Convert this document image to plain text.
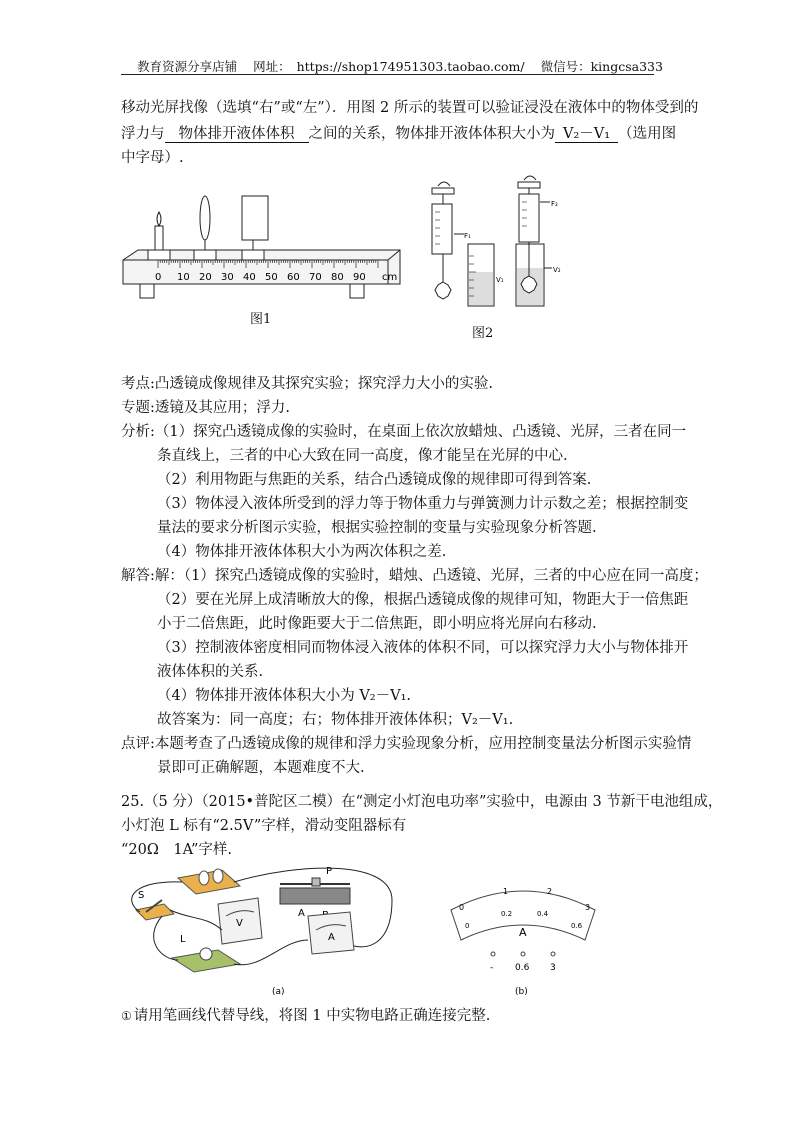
教育资源分享店铺 网址： https://shop174951303.taobao.com/ 微信号：kingcsa333
移动光屏找像（选填“右”或“左”）．用图 2 所示的装置可以验证浸没在液体中的物体受到的
浮力与 物体排开液体体积 之间的关系，物体排开液体体积大小为 V₂－V₁ （选用图
中字母）.
0 10 20 30 40 50 60 70 80 90 cm
图1
F₁
V₁
F₂
V₂
图2
考点:凸透镜成像规律及其探究实验；探究浮力大小的实验.
专题:透镜及其应用；浮力.
分析:（1）探究凸透镜成像的实验时，在桌面上依次放蜡烛、凸透镜、光屏，三者在同一
条直线上，三者的中心大致在同一高度，像才能呈在光屏的中心.
（2）利用物距与焦距的关系，结合凸透镜成像的规律即可得到答案.
（3）物体浸入液体所受到的浮力等于物体重力与弹簧测力计示数之差；根据控制变
量法的要求分析图示实验，根据实验控制的变量与实验现象分析答题.
（4）物体排开液体体积大小为两次体积之差.
解答:解：（1）探究凸透镜成像的实验时，蜡烛、凸透镜、光屏，三者的中心应在同一高度；
（2）要在光屏上成清晰放大的像，根据凸透镜成像的规律可知，物距大于一倍焦距
小于二倍焦距，此时像距要大于二倍焦距，即小明应将光屏向右移动.
（3）控制液体密度相同而物体浸入液体的体积不同，可以探究浮力大小与物体排开
液体体积的关系.
（4）物体排开液体体积大小为 V₂－V₁.
故答案为：同一高度；右；物体排开液体体积；V₂－V₁.
点评:本题考查了凸透镜成像的规律和浮力实验现象分析，应用控制变量法分析图示实验情
景即可正确解题，本题难度不大.
25.（5 分）（2015•普陀区二模）在“测定小灯泡电功率”实验中，电源由 3 节新干电池组成，
小灯泡 L 标有“2.5V”字样，滑动变阻器标有
“20Ω　1A”字样.
S
L
P
A
V
A
(a)
0
1	2
3
0
0.2	0.4
0.6
A
- 0.6 3
(b)
① 请用笔画线代替导线，将图 1 中实物电路正确连接完整.
